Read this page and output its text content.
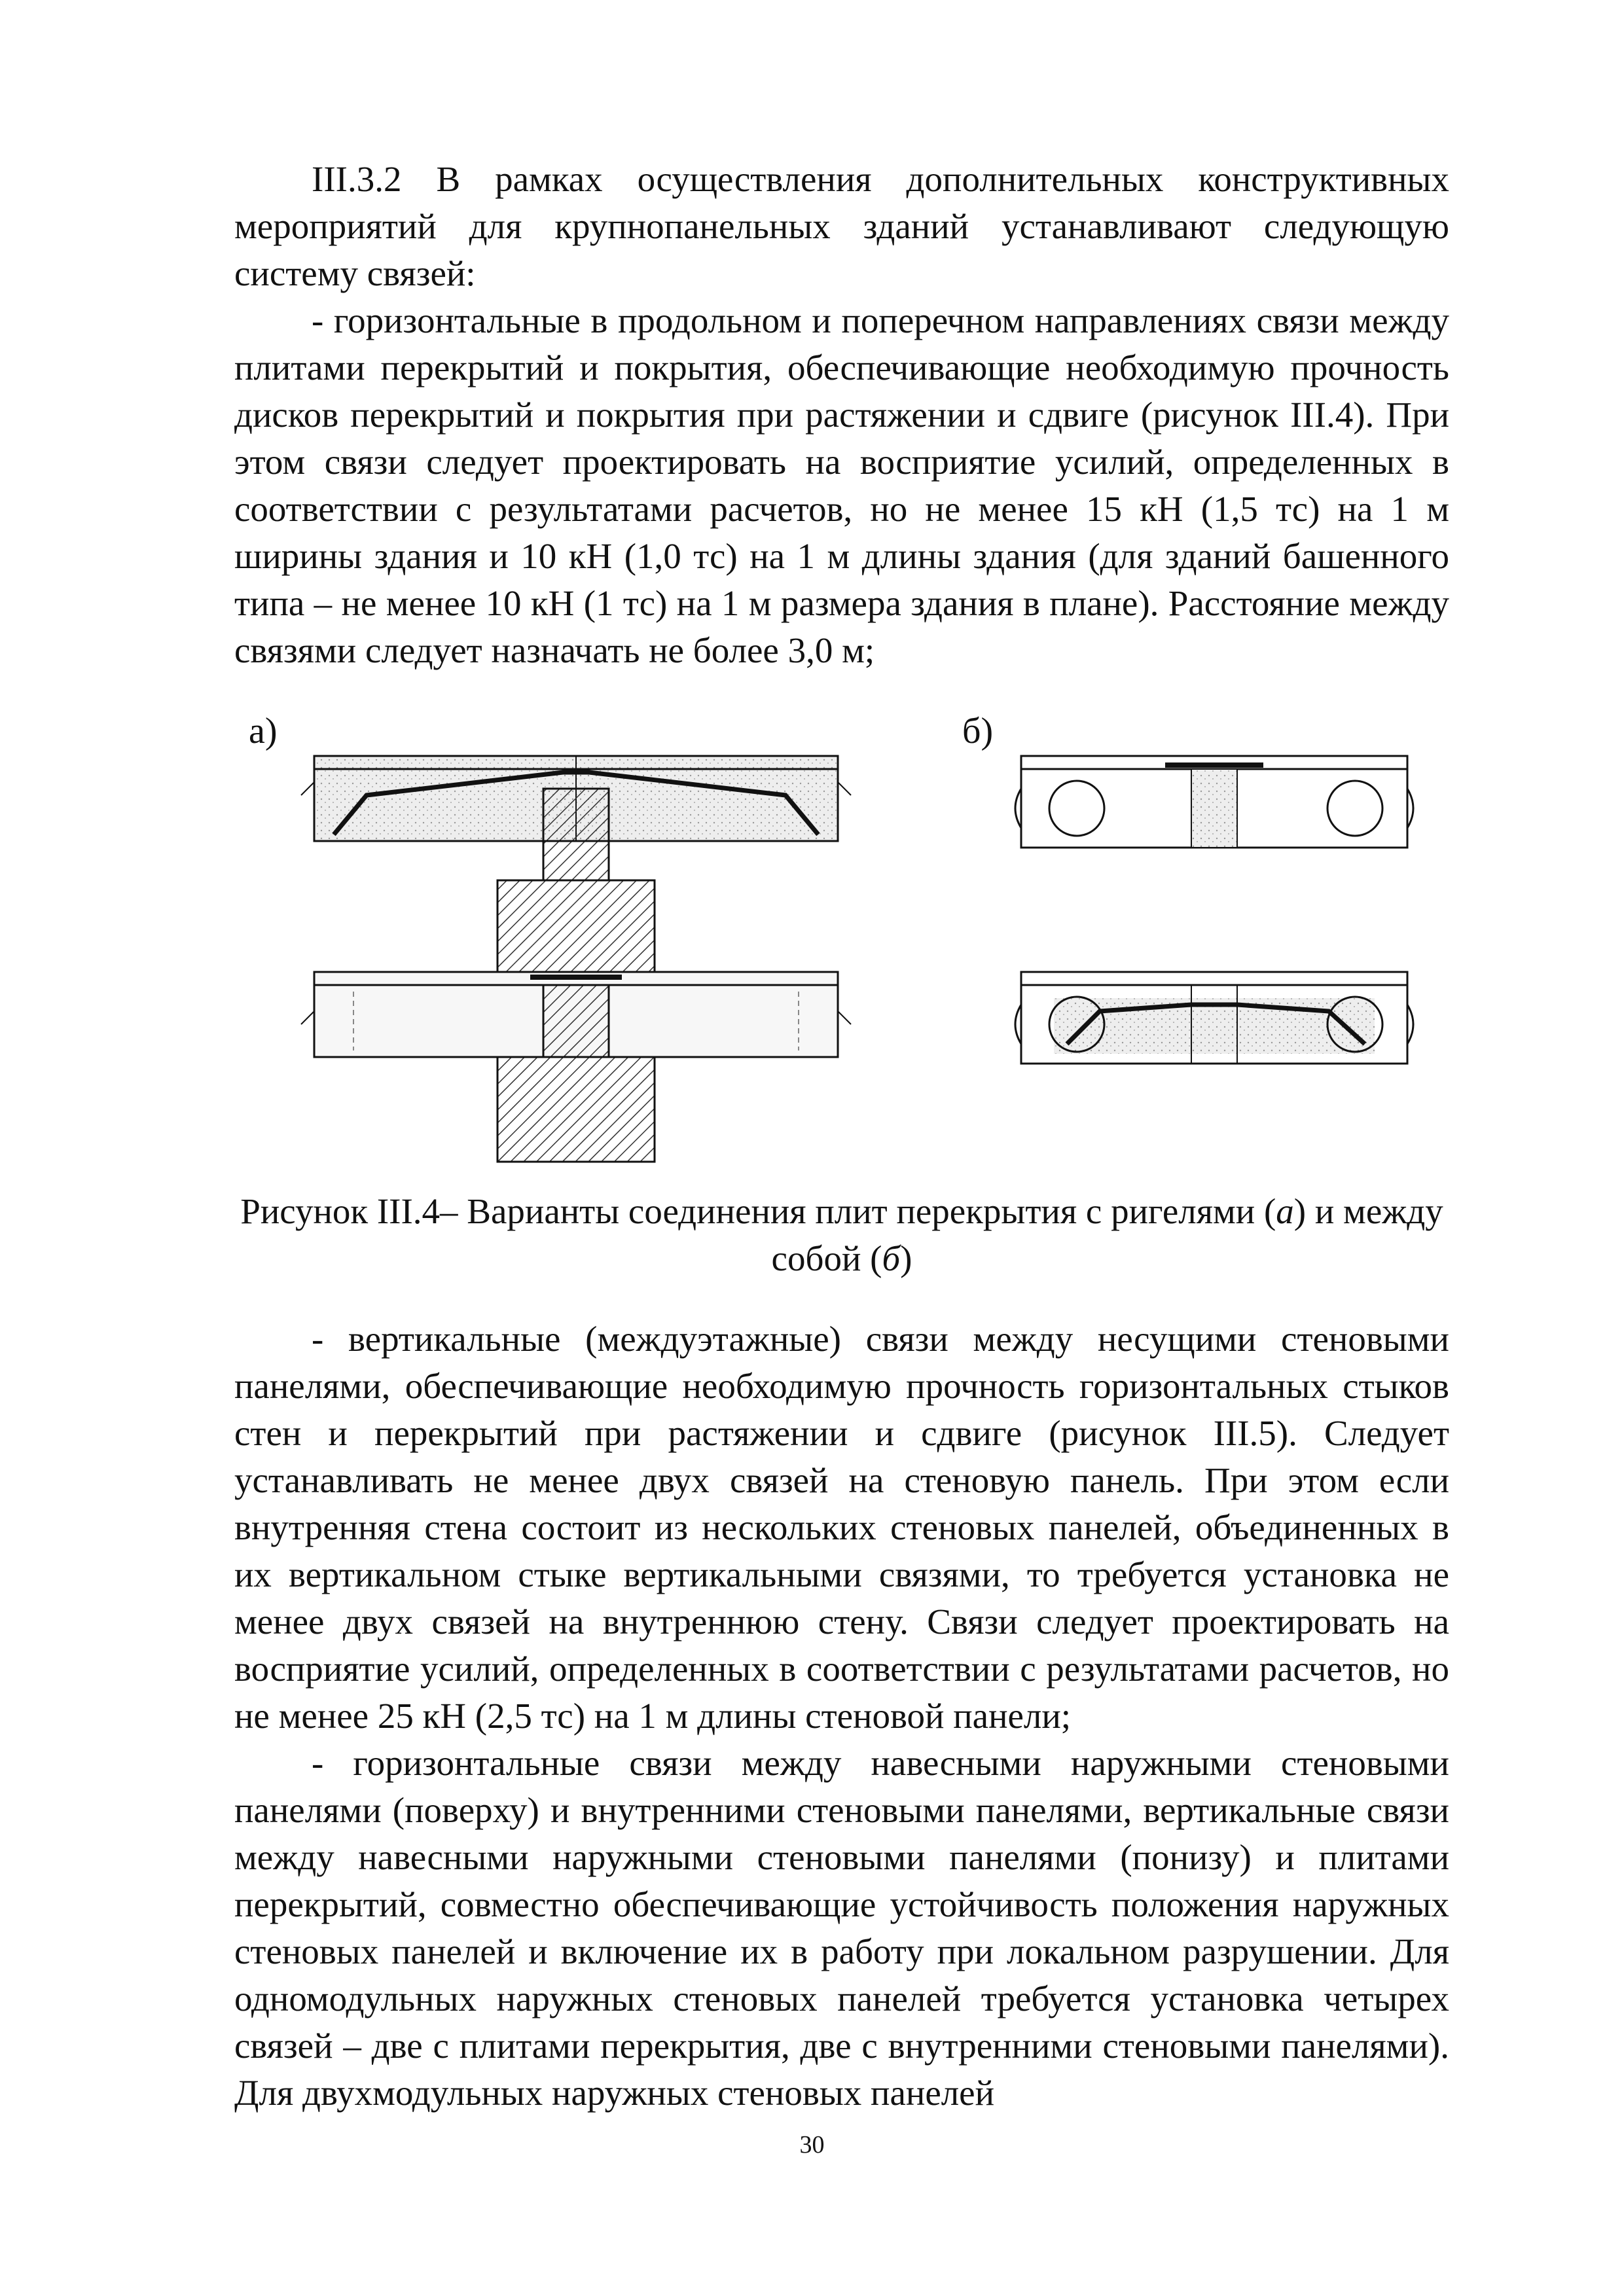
III.3.2 В рамках осуществления дополнительных конструктивных мероприятий для крупнопанельных зданий устанавливают следующую систему связей:

- горизонтальные в продольном и поперечном направлениях связи между плитами перекрытий и покрытия, обеспечивающие необходимую прочность дисков перекрытий и покрытия при растяжении и сдвиге (рисунок III.4). При этом связи следует проектировать на восприятие усилий, определенных в соответствии с результатами расчетов, но не менее 15 кН (1,5 тс) на 1 м ширины здания и 10 кН (1,0 тс) на 1 м длины здания (для зданий башенного типа – не менее 10 кН (1 тс) на 1 м размера здания в плане). Расстояние между связями следует назначать не более 3,0 м;

а)	б)
Рисунок III.4– Варианты соединения плит перекрытия с ригелями (а) и между собой (б)

- вертикальные (междуэтажные) связи между несущими стеновыми панелями, обеспечивающие необходимую прочность горизонтальных стыков стен и перекрытий при растяжении и сдвиге (рисунок III.5). Следует устанавливать не менее двух связей на стеновую панель. При этом если внутренняя стена состоит из нескольких стеновых панелей, объединенных в их вертикальном стыке вертикальными связями, то требуется установка не менее двух связей на внутреннюю стену. Связи следует проектировать на восприятие усилий, определенных в соответствии с результатами расчетов, но не менее 25 кН (2,5 тс) на 1 м длины стеновой панели;

- горизонтальные связи между навесными наружными стеновыми панелями (поверху) и внутренними стеновыми панелями, вертикальные связи между навесными наружными стеновыми панелями (понизу) и плитами перекрытий, совместно обеспечивающие устойчивость положения наружных стеновых панелей и включение их в работу при локальном разрушении. Для одномодульных наружных стеновых панелей требуется установка четырех связей – две с плитами перекрытия, две с внутренними стеновыми панелями). Для двухмодульных наружных стеновых панелей

30
